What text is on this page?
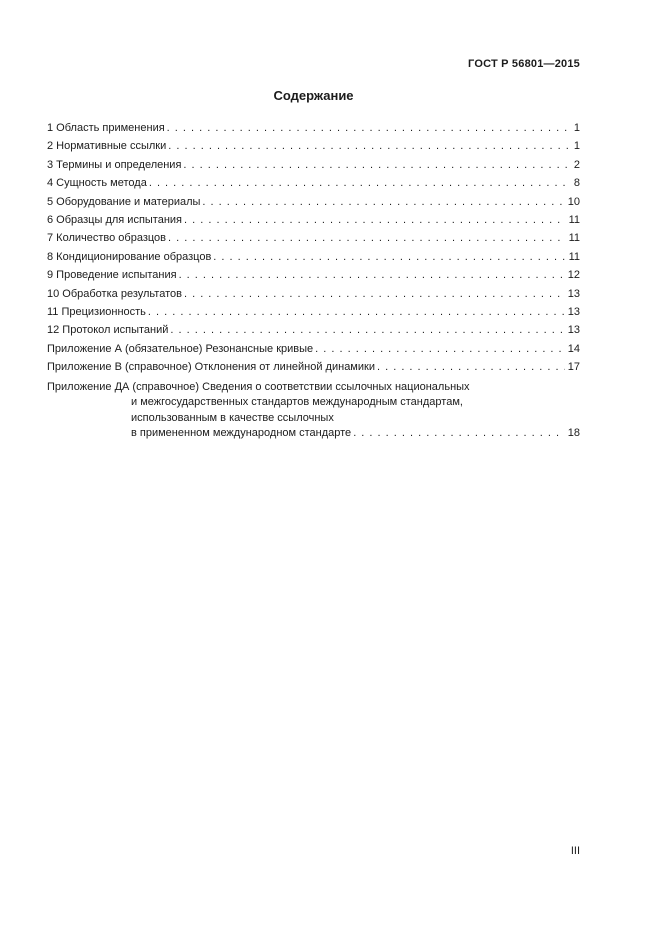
ГОСТ Р 56801—2015
Содержание
1 Область применения . . .	1
2 Нормативные ссылки . . .	1
3 Термины и определения . . .	2
4 Сущность метода . . .	8
5 Оборудование и материалы . . .	10
6 Образцы для испытания . . .	11
7 Количество образцов . . .	11
8 Кондиционирование образцов . . .	11
9 Проведение испытания . . .	12
10 Обработка результатов . . .	13
11 Прецизионность . . .	13
12 Протокол испытаний . . .	13
Приложение А (обязательное) Резонансные кривые . . .	14
Приложение В (справочное) Отклонения от линейной динамики . . .	17
Приложение ДА (справочное) Сведения о соответствии ссылочных национальных
и межгосударственных стандартов международным стандартам,
использованным в качестве ссылочных
в примененном международном стандарте . . .	18
III
